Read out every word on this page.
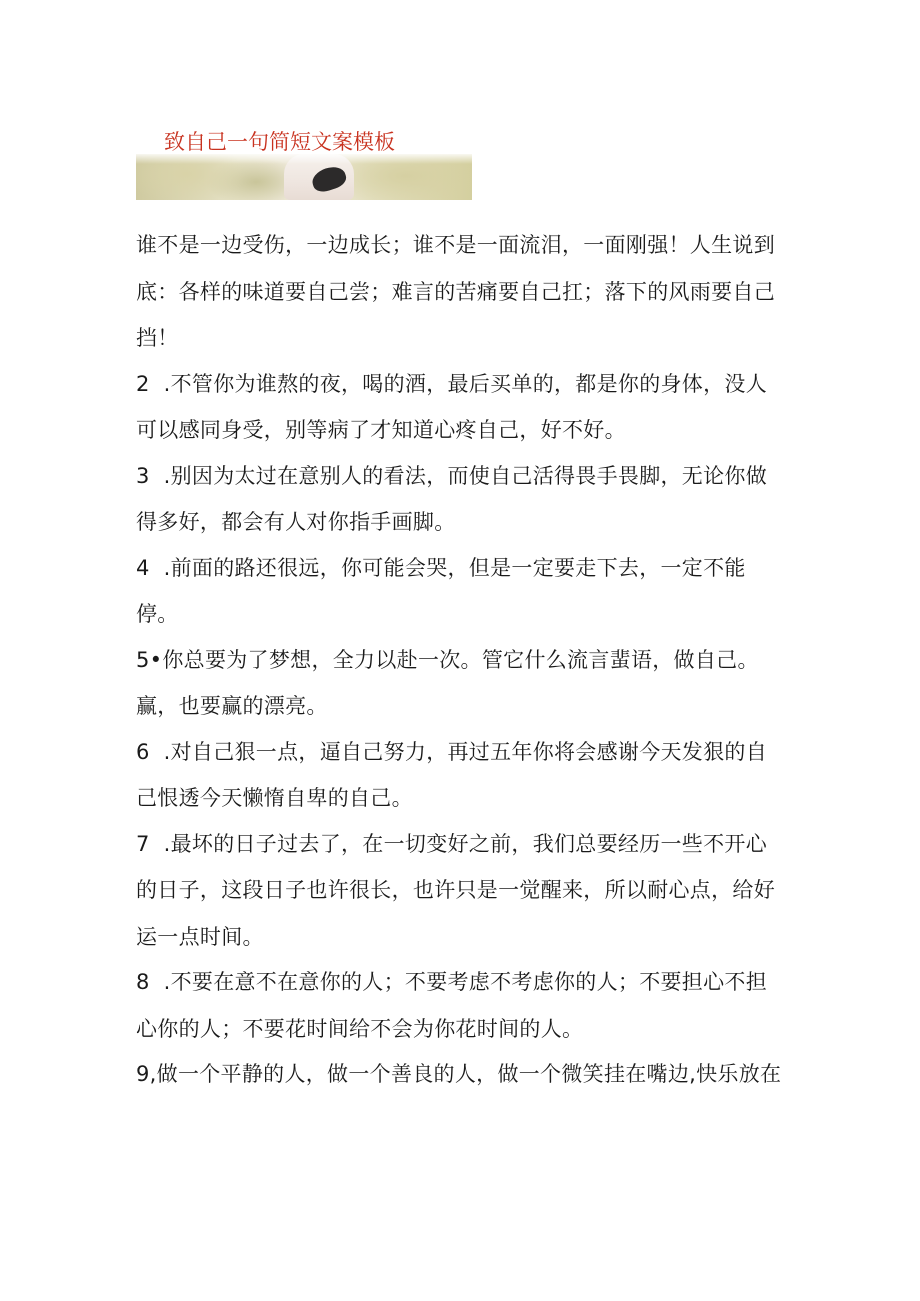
致自己一句简短文案模板

谁不是一边受伤，一边成长；谁不是一面流泪，一面刚强！人生说到底：各样的味道要自己尝；难言的苦痛要自己扛；落下的风雨要自己挡！

2  .不管你为谁熬的夜，喝的酒，最后买单的，都是你的身体，没人可以感同身受，别等病了才知道心疼自己，好不好。

3  .别因为太过在意别人的看法，而使自己活得畏手畏脚，无论你做得多好，都会有人对你指手画脚。

4  .前面的路还很远，你可能会哭，但是一定要走下去，一定不能停。

5•你总要为了梦想，全力以赴一次。管它什么流言蜚语，做自己。赢，也要赢的漂亮。

6  .对自己狠一点，逼自己努力，再过五年你将会感谢今天发狠的自己恨透今天懒惰自卑的自己。

7  .最坏的日子过去了，在一切变好之前，我们总要经历一些不开心的日子，这段日子也许很长，也许只是一觉醒来，所以耐心点，给好运一点时间。

8  .不要在意不在意你的人；不要考虑不考虑你的人；不要担心不担心你的人；不要花时间给不会为你花时间的人。

9,做一个平静的人，做一个善良的人，做一个微笑挂在嘴边,快乐放在
